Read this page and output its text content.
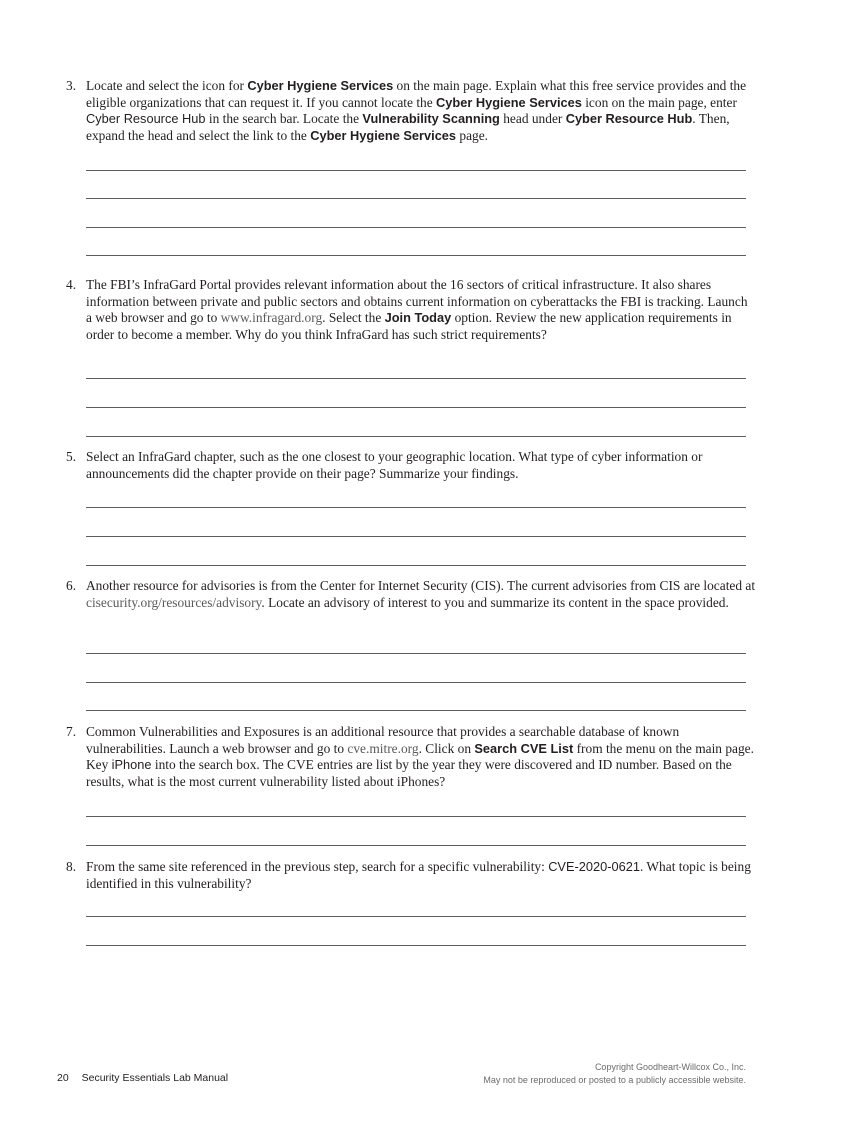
3. Locate and select the icon for Cyber Hygiene Services on the main page. Explain what this free service provides and the eligible organizations that can request it. If you cannot locate the Cyber Hygiene Services icon on the main page, enter Cyber Resource Hub in the search bar. Locate the Vulnerability Scanning head under Cyber Resource Hub. Then, expand the head and select the link to the Cyber Hygiene Services page.
4. The FBI’s InfraGard Portal provides relevant information about the 16 sectors of critical infrastructure. It also shares information between private and public sectors and obtains current information on cyberattacks the FBI is tracking. Launch a web browser and go to www.infragard.org. Select the Join Today option. Review the new application requirements in order to become a member. Why do you think InfraGard has such strict requirements?
5. Select an InfraGard chapter, such as the one closest to your geographic location. What type of cyber information or announcements did the chapter provide on their page? Summarize your findings.
6. Another resource for advisories is from the Center for Internet Security (CIS). The current advisories from CIS are located at cisecurity.org/resources/advisory. Locate an advisory of interest to you and summarize its content in the space provided.
7. Common Vulnerabilities and Exposures is an additional resource that provides a searchable database of known vulnerabilities. Launch a web browser and go to cve.mitre.org. Click on Search CVE List from the menu on the main page. Key iPhone into the search box. The CVE entries are list by the year they were discovered and ID number. Based on the results, what is the most current vulnerability listed about iPhones?
8. From the same site referenced in the previous step, search for a specific vulnerability: CVE-2020-0621. What topic is being identified in this vulnerability?
20 Security Essentials Lab Manual
Copyright Goodheart-Willcox Co., Inc.
May not be reproduced or posted to a publicly accessible website.
